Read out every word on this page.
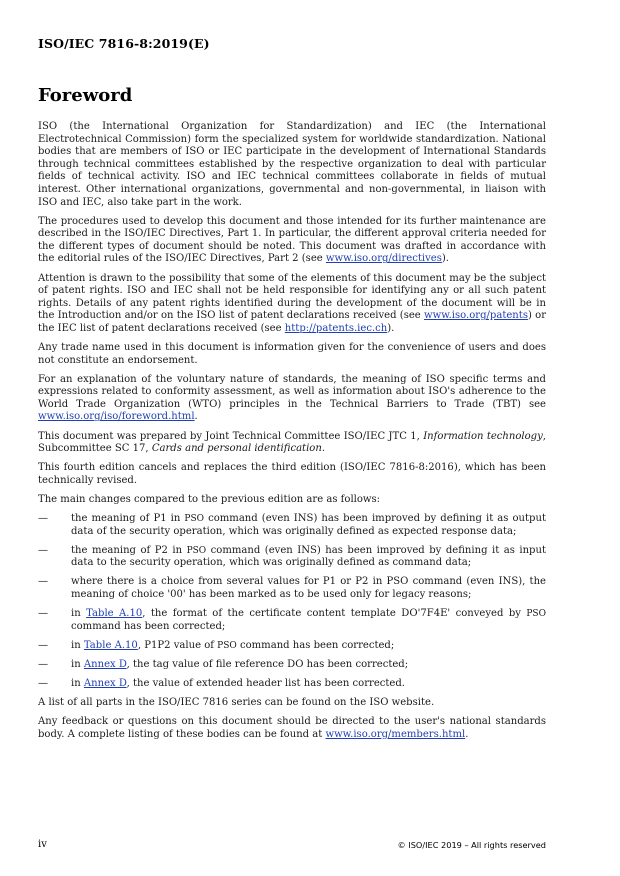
ISO/IEC 7816-8:2019(E)
Foreword

ISO (the International Organization for Standardization) and IEC (the International Electrotechnical Commission) form the specialized system for worldwide standardization. National bodies that are members of ISO or IEC participate in the development of International Standards through technical committees established by the respective organization to deal with particular fields of technical activity. ISO and IEC technical committees collaborate in fields of mutual interest. Other international organizations, governmental and non-governmental, in liaison with ISO and IEC, also take part in the work.

The procedures used to develop this document and those intended for its further maintenance are described in the ISO/IEC Directives, Part 1. In particular, the different approval criteria needed for the different types of document should be noted. This document was drafted in accordance with the editorial rules of the ISO/IEC Directives, Part 2 (see www.iso.org/directives).

Attention is drawn to the possibility that some of the elements of this document may be the subject of patent rights. ISO and IEC shall not be held responsible for identifying any or all such patent rights. Details of any patent rights identified during the development of the document will be in the Introduction and/or on the ISO list of patent declarations received (see www.iso.org/patents) or the IEC list of patent declarations received (see http://patents.iec.ch).

Any trade name used in this document is information given for the convenience of users and does not constitute an endorsement.

For an explanation of the voluntary nature of standards, the meaning of ISO specific terms and expressions related to conformity assessment, as well as information about ISO's adherence to the World Trade Organization (WTO) principles in the Technical Barriers to Trade (TBT) see www.iso.org/iso/foreword.html.

This document was prepared by Joint Technical Committee ISO/IEC JTC 1, Information technology, Subcommittee SC 17, Cards and personal identification.

This fourth edition cancels and replaces the third edition (ISO/IEC 7816-8:2016), which has been technically revised.

The main changes compared to the previous edition are as follows:

— the meaning of P1 in PSO command (even INS) has been improved by defining it as output data of the security operation, which was originally defined as expected response data;
— the meaning of P2 in PSO command (even INS) has been improved by defining it as input data to the security operation, which was originally defined as command data;
— where there is a choice from several values for P1 or P2 in PSO command (even INS), the meaning of choice '00' has been marked as to be used only for legacy reasons;
— in Table A.10, the format of the certificate content template DO'7F4E' conveyed by PSO command has been corrected;
— in Table A.10, P1P2 value of PSO command has been corrected;
— in Annex D, the tag value of file reference DO has been corrected;
— in Annex D, the value of extended header list has been corrected.

A list of all parts in the ISO/IEC 7816 series can be found on the ISO website.

Any feedback or questions on this document should be directed to the user's national standards body. A complete listing of these bodies can be found at www.iso.org/members.html.

iv	© ISO/IEC 2019 – All rights reserved
